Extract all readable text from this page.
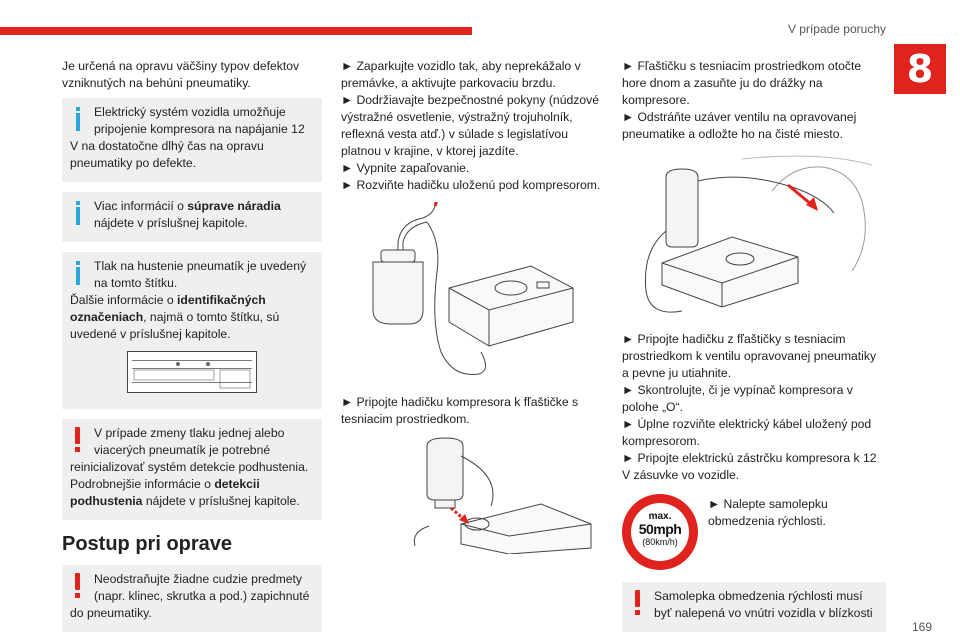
V prípade poruchy
8

Je určená na opravu väčšiny typov defektov vzniknutých na behúni pneumatiky.

Elektrický systém vozidla umožňuje pripojenie kompresora na napájanie 12 V na dostatočne dlhý čas na opravu pneumatiky po defekte.
Viac informácií o súprave náradia nájdete v príslušnej kapitole.
Tlak na hustenie pneumatík je uvedený na tomto štítku.
Ďalšie informácie o identifikačných označeniach, najmä o tomto štítku, sú uvedené v príslušnej kapitole.
V prípade zmeny tlaku jednej alebo viacerých pneumatík je potrebné reinicializovať systém detekcie podhustenia.
Podrobnejšie informácie o detekcii podhustenia nájdete v príslušnej kapitole.
Postup pri oprave
Neodstraňujte žiadne cudzie predmety (napr. klinec, skrutka a pod.) zapichnuté do pneumatiky.

► Zaparkujte vozidlo tak, aby neprekážalo v premávke, a aktivujte parkovaciu brzdu.

► Dodržiavajte bezpečnostné pokyny (núdzové výstražné osvetlenie, výstražný trojuholník, reflexná vesta atď.) v súlade s legislatívou platnou v krajine, v ktorej jazdíte.

► Vypnite zapaľovanie.

► Rozviňte hadičku uloženú pod kompresorom.

► Pripojte hadičku kompresora k fľaštičke s tesniacim prostriedkom.

► Fľaštičku s tesniacim prostriedkom otočte hore dnom a zasuňte ju do drážky na kompresore.

► Odstráňte uzáver ventilu na opravovanej pneumatike a odložte ho na čisté miesto.

► Pripojte hadičku z fľaštičky s tesniacim prostriedkom k ventilu opravovanej pneumatiky a pevne ju utiahnite.

► Skontrolujte, či je vypínač kompresora v polohe „O“.

► Úplne rozviňte elektrický kábel uložený pod kompresorom.

► Pripojte elektrickú zástrčku kompresora k 12 V zásuvke vo vozidle.

max.
50mph
(80km/h)

► Nalepte samolepku obmedzenia rýchlosti.

Samolepka obmedzenia rýchlosti musí byť nalepená vo vnútri vozidla v blízkosti
169
